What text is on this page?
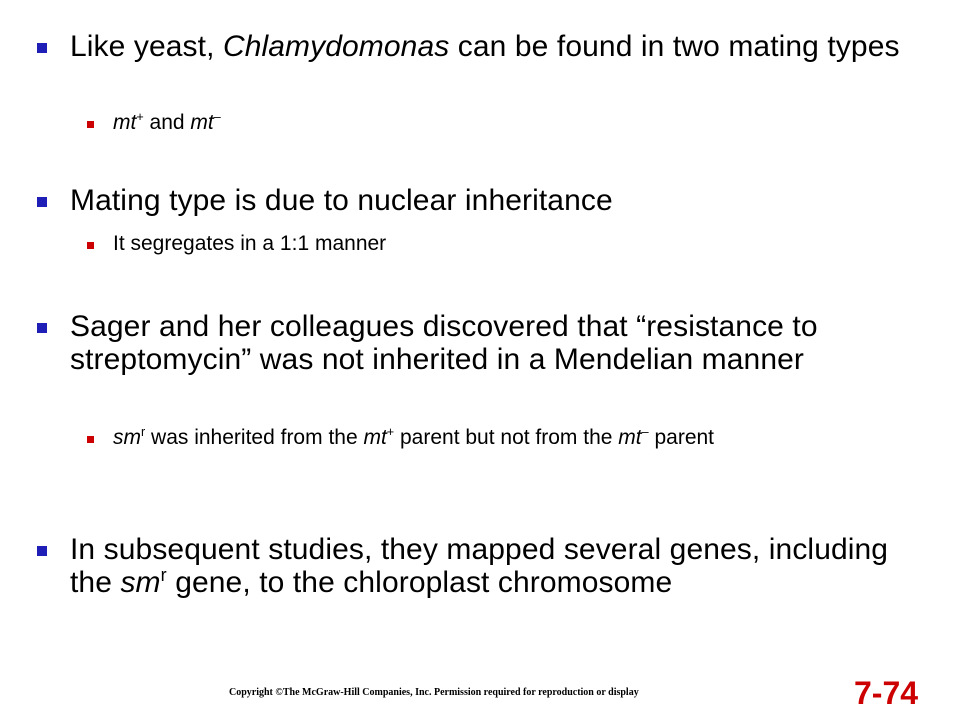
Like yeast, Chlamydomonas can be found in two mating types
mt+ and mt–
Mating type is due to nuclear inheritance
It segregates in a 1:1 manner
Sager and her colleagues discovered that “resistance to streptomycin” was not inherited in a Mendelian manner
$sm^r$ was inherited from the mt+ parent but not from the mt– parent
In subsequent studies, they mapped several genes, including the $sm^r$ gene, to the chloroplast chromosome
Copyright ©The McGraw-Hill Companies, Inc. Permission required for reproduction or display	7-74
